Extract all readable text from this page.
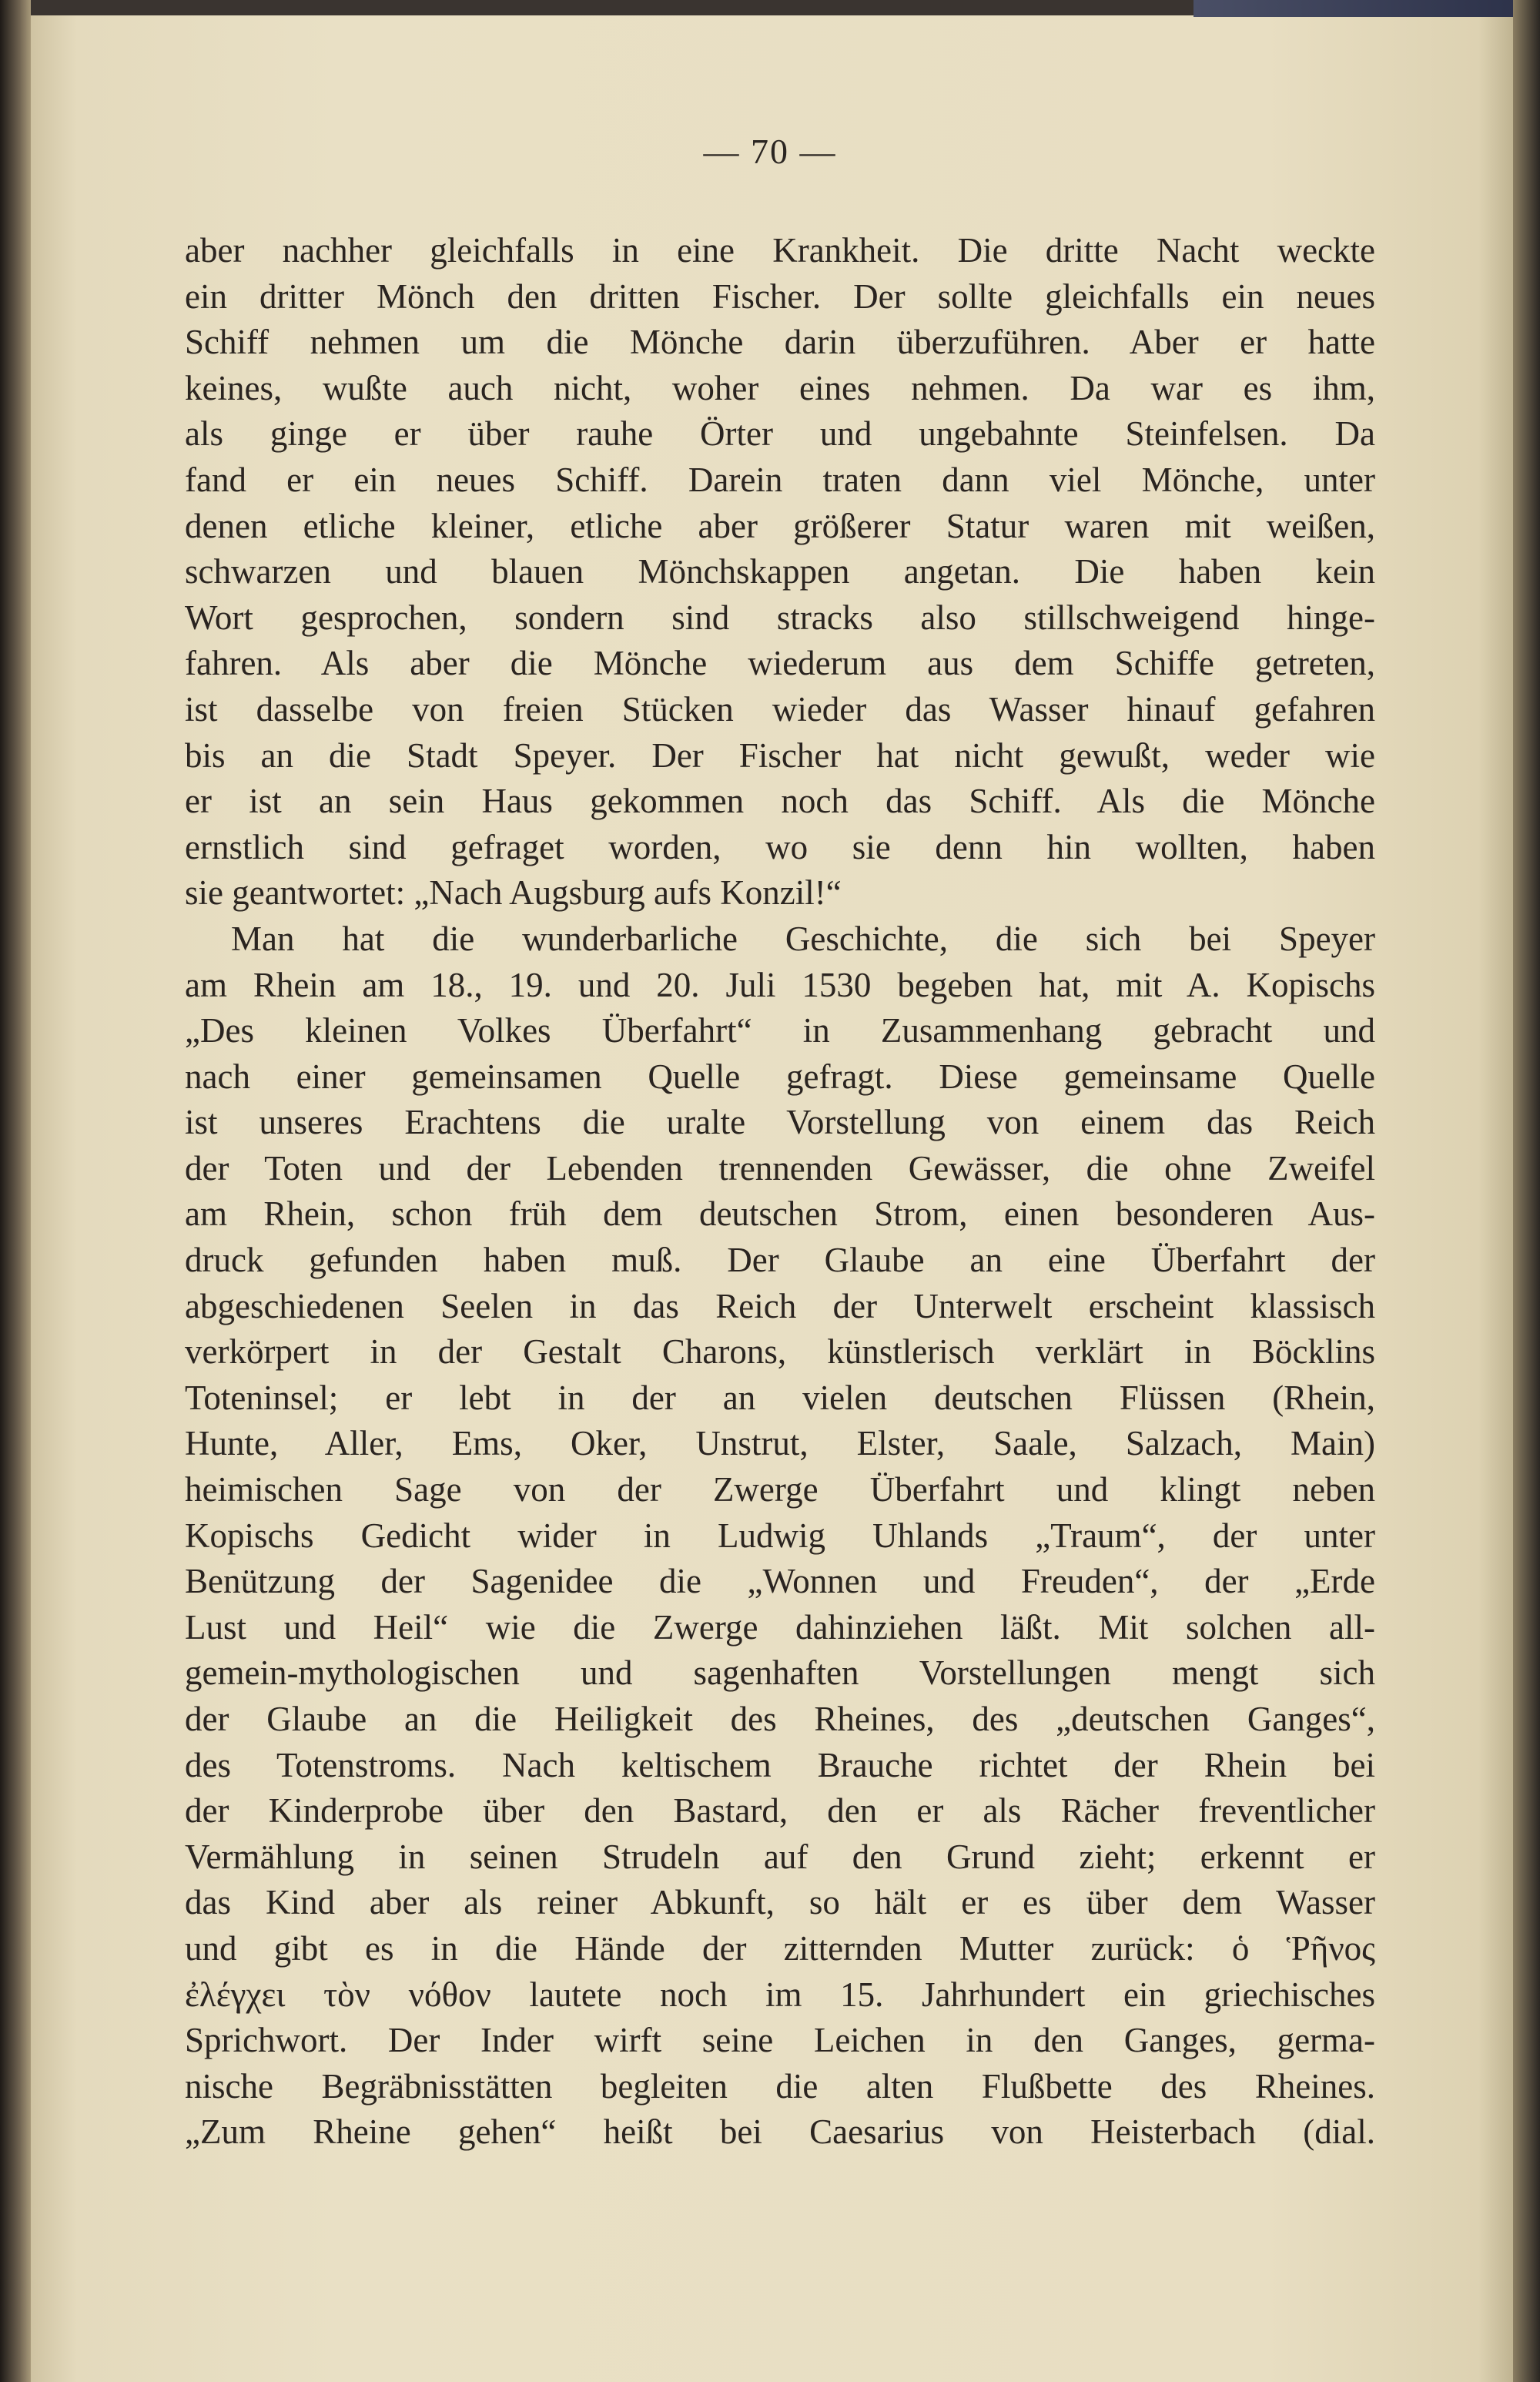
— 70 —
aber nachher gleichfalls in eine Krankheit. Die dritte Nacht weckte
ein dritter Mönch den dritten Fischer. Der sollte gleichfalls ein neues
Schiff nehmen um die Mönche darin überzuführen. Aber er hatte
keines, wußte auch nicht, woher eines nehmen. Da war es ihm,
als ginge er über rauhe Örter und ungebahnte Steinfelsen. Da
fand er ein neues Schiff. Darein traten dann viel Mönche, unter
denen etliche kleiner, etliche aber größerer Statur waren mit weißen,
schwarzen und blauen Mönchskappen angetan. Die haben kein
Wort gesprochen, sondern sind stracks also stillschweigend hinge-
fahren. Als aber die Mönche wiederum aus dem Schiffe getreten,
ist dasselbe von freien Stücken wieder das Wasser hinauf gefahren
bis an die Stadt Speyer. Der Fischer hat nicht gewußt, weder wie
er ist an sein Haus gekommen noch das Schiff. Als die Mönche
ernstlich sind gefraget worden, wo sie denn hin wollten, haben
sie geantwortet: „Nach Augsburg aufs Konzil!“
Man hat die wunderbarliche Geschichte, die sich bei Speyer
am Rhein am 18., 19. und 20. Juli 1530 begeben hat, mit A. Kopischs
„Des kleinen Volkes Überfahrt“ in Zusammenhang gebracht und
nach einer gemeinsamen Quelle gefragt. Diese gemeinsame Quelle
ist unseres Erachtens die uralte Vorstellung von einem das Reich
der Toten und der Lebenden trennenden Gewässer, die ohne Zweifel
am Rhein, schon früh dem deutschen Strom, einen besonderen Aus-
druck gefunden haben muß. Der Glaube an eine Überfahrt der
abgeschiedenen Seelen in das Reich der Unterwelt erscheint klassisch
verkörpert in der Gestalt Charons, künstlerisch verklärt in Böcklins
Toteninsel; er lebt in der an vielen deutschen Flüssen (Rhein,
Hunte, Aller, Ems, Oker, Unstrut, Elster, Saale, Salzach, Main)
heimischen Sage von der Zwerge Überfahrt und klingt neben
Kopischs Gedicht wider in Ludwig Uhlands „Traum“, der unter
Benützung der Sagenidee die „Wonnen und Freuden“, der „Erde
Lust und Heil“ wie die Zwerge dahinziehen läßt. Mit solchen all-
gemein-mythologischen und sagenhaften Vorstellungen mengt sich
der Glaube an die Heiligkeit des Rheines, des „deutschen Ganges“,
des Totenstroms. Nach keltischem Brauche richtet der Rhein bei
der Kinderprobe über den Bastard, den er als Rächer freventlicher
Vermählung in seinen Strudeln auf den Grund zieht; erkennt er
das Kind aber als reiner Abkunft, so hält er es über dem Wasser
und gibt es in die Hände der zitternden Mutter zurück: ὁ Ῥῆνος
ἐλέγχει τὸν νόθον lautete noch im 15. Jahrhundert ein griechisches
Sprichwort. Der Inder wirft seine Leichen in den Ganges, germa-
nische Begräbnisstätten begleiten die alten Flußbette des Rheines.
„Zum Rheine gehen“ heißt bei Caesarius von Heisterbach (dial.
